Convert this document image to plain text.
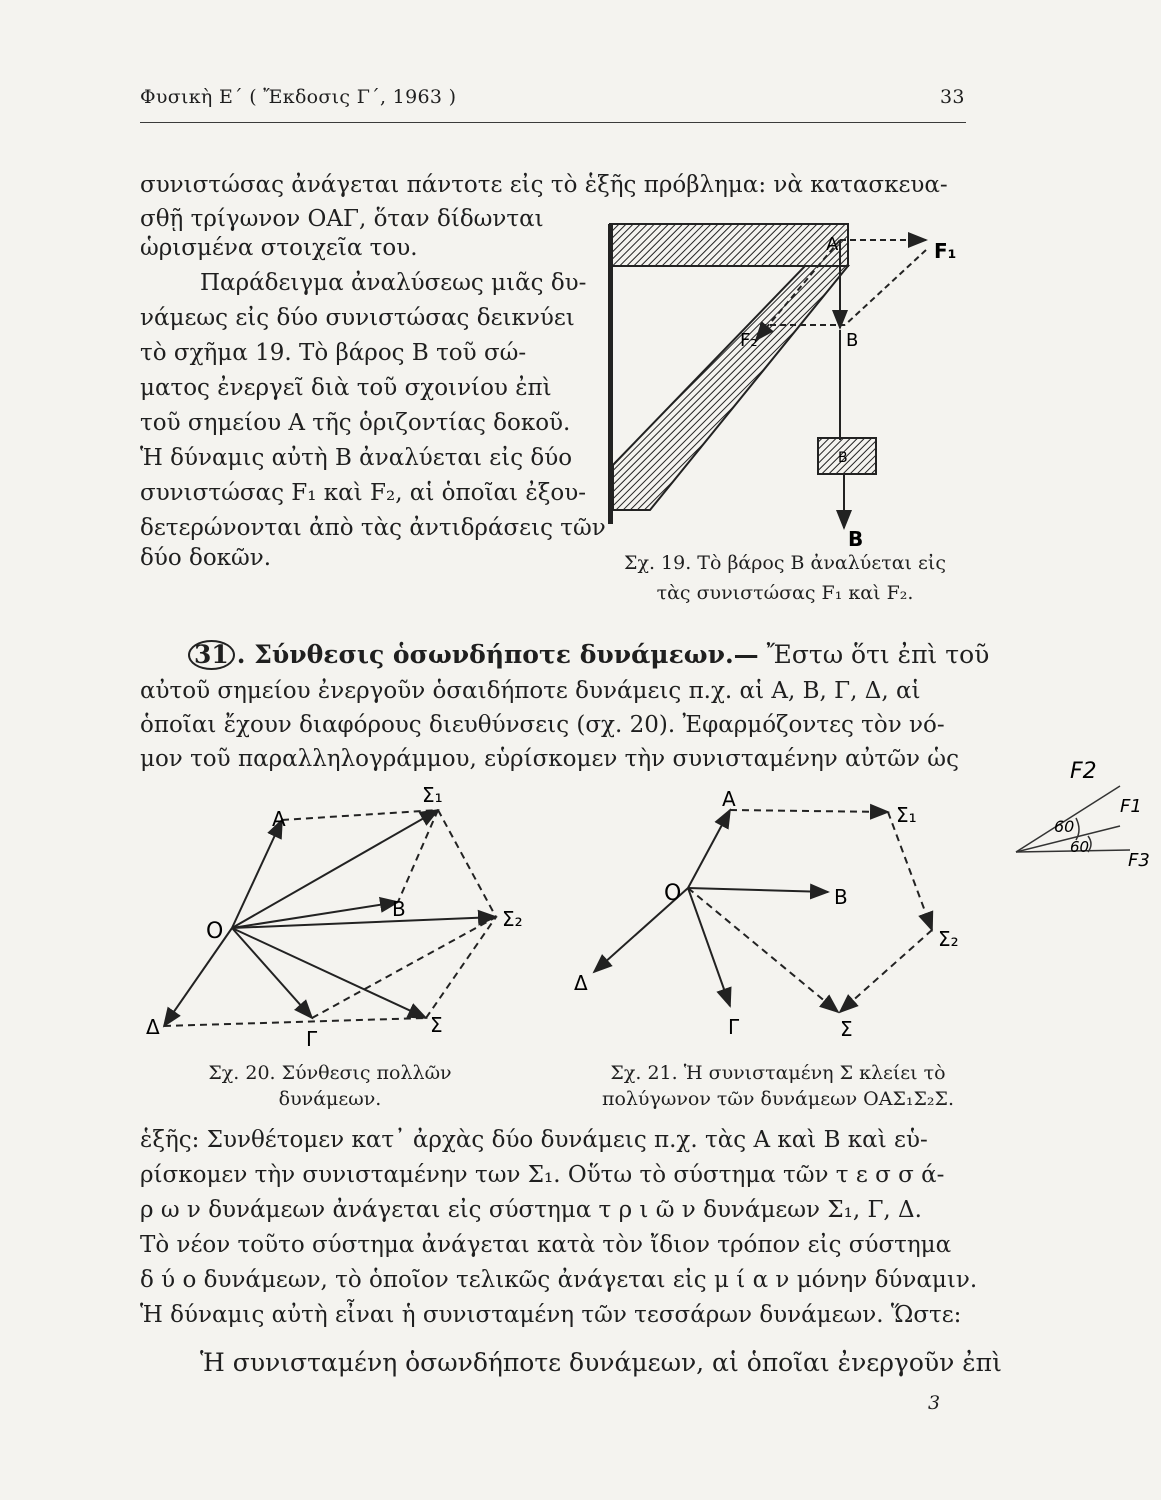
Φυσικὴ Ε΄ ( Ἔκδοσις Γ΄, 1963 )	33
συνιστώσας ἀνάγεται πάντοτε εἰς τὸ ἑξῆς πρόβλημα: νὰ κατασκευα-
σθῇ τρίγωνον ΟΑΓ, ὅταν δίδωνται
ὡρισμένα στοιχεῖα του.
Παράδειγμα ἀναλύσεως μιᾶς δυ-
νάμεως εἰς δύο συνιστώσας δεικνύει
τὸ σχῆμα 19. Τὸ βάρος Β τοῦ σώ-
ματος ἐνεργεῖ διὰ τοῦ σχοινίου ἐπὶ
τοῦ σημείου Α τῆς ὁριζοντίας δοκοῦ.
Ἡ δύναμις αὐτὴ Β ἀναλύεται εἰς δύο
συνιστώσας F₁ καὶ F₂, αἱ ὁποῖαι ἐξου-
δετερώνονται ἀπὸ τὰς ἀντιδράσεις τῶν
δύο δοκῶν.
A	F₁
F₂	B
B
B
Σχ. 19. Τὸ βάρος Β ἀναλύεται εἰς
τὰς συνιστώσας F₁ καὶ F₂.
31 . Σύνθεσις ὁσωνδήποτε δυνάμεων.— Ἔστω ὅτι ἐπὶ τοῦ
αὐτοῦ σημείου ἐνεργοῦν ὁσαιδήποτε δυνάμεις π.χ. αἱ Α, Β, Γ, Δ, αἱ
ὁποῖαι ἔχουν διαφόρους διευθύνσεις (σχ. 20). Ἐφαρμόζοντες τὸν νό-
μον τοῦ παραλληλογράμμου, εὑρίσκομεν τὴν συνισταμένην αὐτῶν ὡς
O
A
Σ₁
B	Σ₂
Δ	Γ
Σ
Σχ. 20. Σύνθεσις πολλῶν
δυνάμεων.
O
A
Σ₁
B
Σ₂
Δ
Γ	Σ
Σχ. 21. Ἡ συνισταμένη Σ κλείει τὸ
πολύγωνον τῶν δυνάμεων ΟΑΣ₁Σ₂Σ.
F2
F1
F3
60
60
ἑξῆς: Συνθέτομεν κατ᾽ ἀρχὰς δύο δυνάμεις π.χ. τὰς Α καὶ Β καὶ εὑ-
ρίσκομεν τὴν συνισταμένην των Σ₁. Οὕτω τὸ σύστημα τῶν τ ε σ σ ά-
ρ ω ν δυνάμεων ἀνάγεται εἰς σύστημα τ ρ ι ῶ ν δυνάμεων Σ₁, Γ, Δ.
Τὸ νέον τοῦτο σύστημα ἀνάγεται κατὰ τὸν ἴδιον τρόπον εἰς σύστημα
δ ύ ο δυνάμεων, τὸ ὁποῖον τελικῶς ἀνάγεται εἰς μ ί α ν μόνην δύναμιν.
Ἡ δύναμις αὐτὴ εἶναι ἡ συνισταμένη τῶν τεσσάρων δυνάμεων. Ὥστε:
Ἡ συνισταμένη ὁσωνδήποτε δυνάμεων, αἱ ὁποῖαι ἐνεργοῦν ἐπὶ
3
